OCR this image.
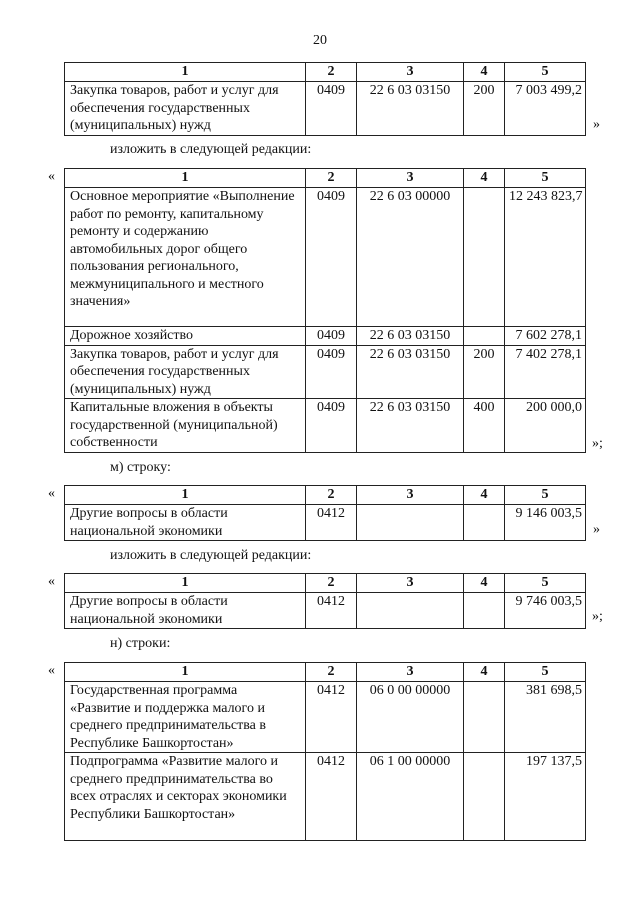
20
1	2	3	4	5
Закупка товаров, работ и услуг для обеспечения государственных (муниципальных) нужд	0409	22 6 03 03150	200	7 003 499,2
»
изложить в следующей редакции:
«	1	2	3	4	5
Основное мероприятие «Выполнение работ по ремонту, капитальному ремонту и содержанию автомобильных дорог общего пользования регионального, межмуниципального и местного значения»	0409	22 6 03 00000		12 243 823,7
Дорожное хозяйство	0409	22 6 03 03150		7 602 278,1
Закупка товаров, работ и услуг для обеспечения государственных (муниципальных) нужд	0409	22 6 03 03150	200	7 402 278,1
Капитальные вложения в объекты государственной (муниципальной) собственности	0409	22 6 03 03150	400	200 000,0
»;
м) строку:
«	1	2	3	4	5
Другие вопросы в области национальной экономики	0412			9 146 003,5
»
изложить в следующей редакции:
«	1	2	3	4	5
Другие вопросы в области национальной экономики	0412			9 746 003,5
»;
н) строки:
«	1	2	3	4	5
Государственная программа «Развитие и поддержка малого и среднего предпринимательства в Республике Башкортостан»	0412	06 0 00 00000		381 698,5
Подпрограмма «Развитие малого и среднего предпринимательства во всех отраслях и секторах экономики Республики Башкортостан»	0412	06 1 00 00000		197 137,5
